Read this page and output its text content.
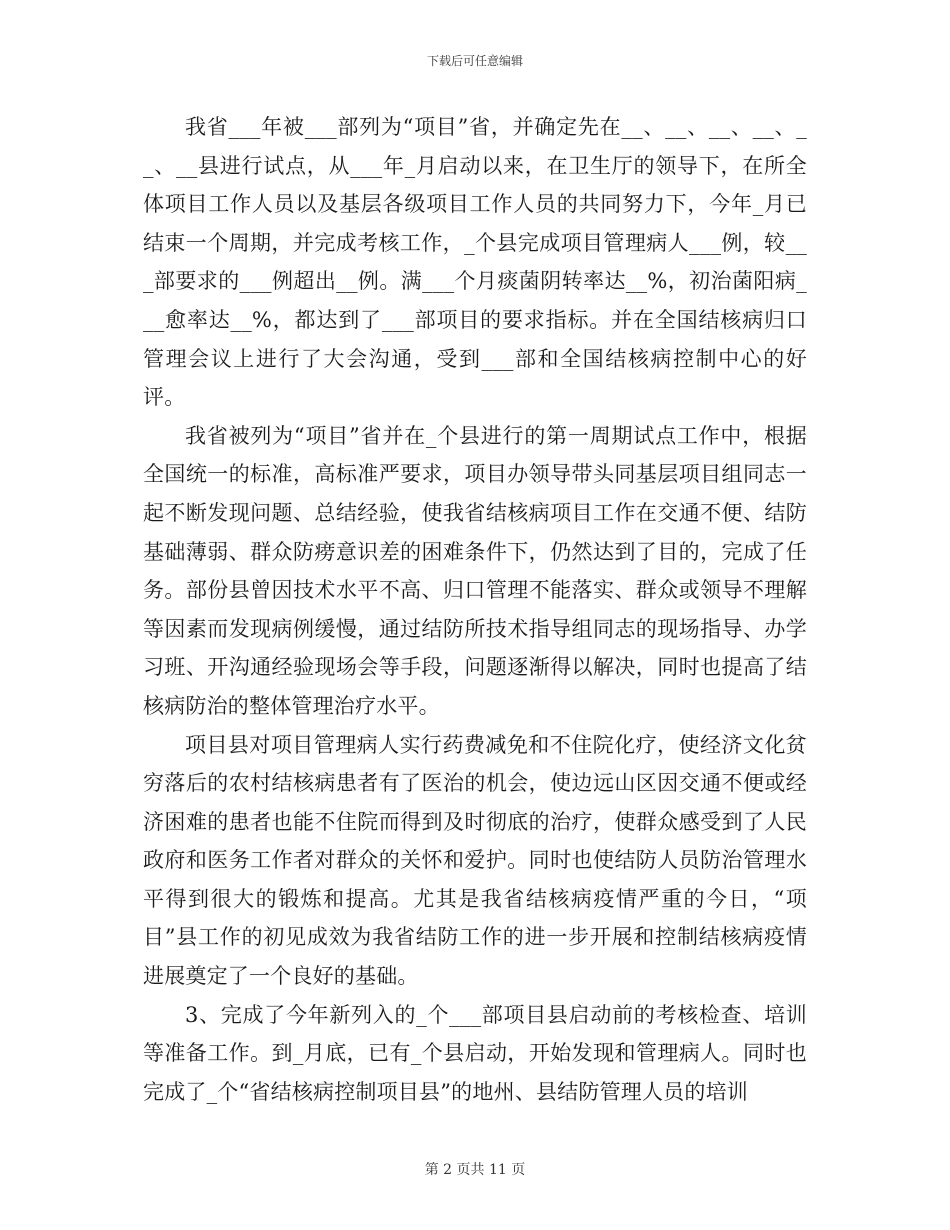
下载后可任意编辑

我省___年被___部列为“项目”省，并确定先在__、__、__、__、__、__县进行试点，从___年_月启动以来，在卫生厅的领导下，在所全体项目工作人员以及基层各级项目工作人员的共同努力下，今年_月已结束一个周期，并完成考核工作，_个县完成项目管理病人___例，较___部要求的___例超出__例。满___个月痰菌阴转率达__%，初治菌阳病___愈率达__%，都达到了___部项目的要求指标。并在全国结核病归口管理会议上进行了大会沟通，受到___部和全国结核病控制中心的好评。

我省被列为“项目”省并在_个县进行的第一周期试点工作中，根据全国统一的标准，高标准严要求，项目办领导带头同基层项目组同志一起不断发现问题、总结经验，使我省结核病项目工作在交通不便、结防基础薄弱、群众防痨意识差的困难条件下，仍然达到了目的，完成了任务。部份县曾因技术水平不高、归口管理不能落实、群众或领导不理解等因素而发现病例缓慢，通过结防所技术指导组同志的现场指导、办学习班、开沟通经验现场会等手段，问题逐渐得以解决，同时也提高了结核病防治的整体管理治疗水平。

项目县对项目管理病人实行药费减免和不住院化疗，使经济文化贫穷落后的农村结核病患者有了医治的机会，使边远山区因交通不便或经济困难的患者也能不住院而得到及时彻底的治疗，使群众感受到了人民政府和医务工作者对群众的关怀和爱护。同时也使结防人员防治管理水平得到很大的锻炼和提高。尤其是我省结核病疫情严重的今日，“项目”县工作的初见成效为我省结防工作的进一步开展和控制结核病疫情进展奠定了一个良好的基础。

3、完成了今年新列入的_个___部项目县启动前的考核检查、培训等准备工作。到_月底，已有_个县启动，开始发现和管理病人。同时也完成了_个“省结核病控制项目县”的地州、县结防管理人员的培训

第 2 页共 11 页
